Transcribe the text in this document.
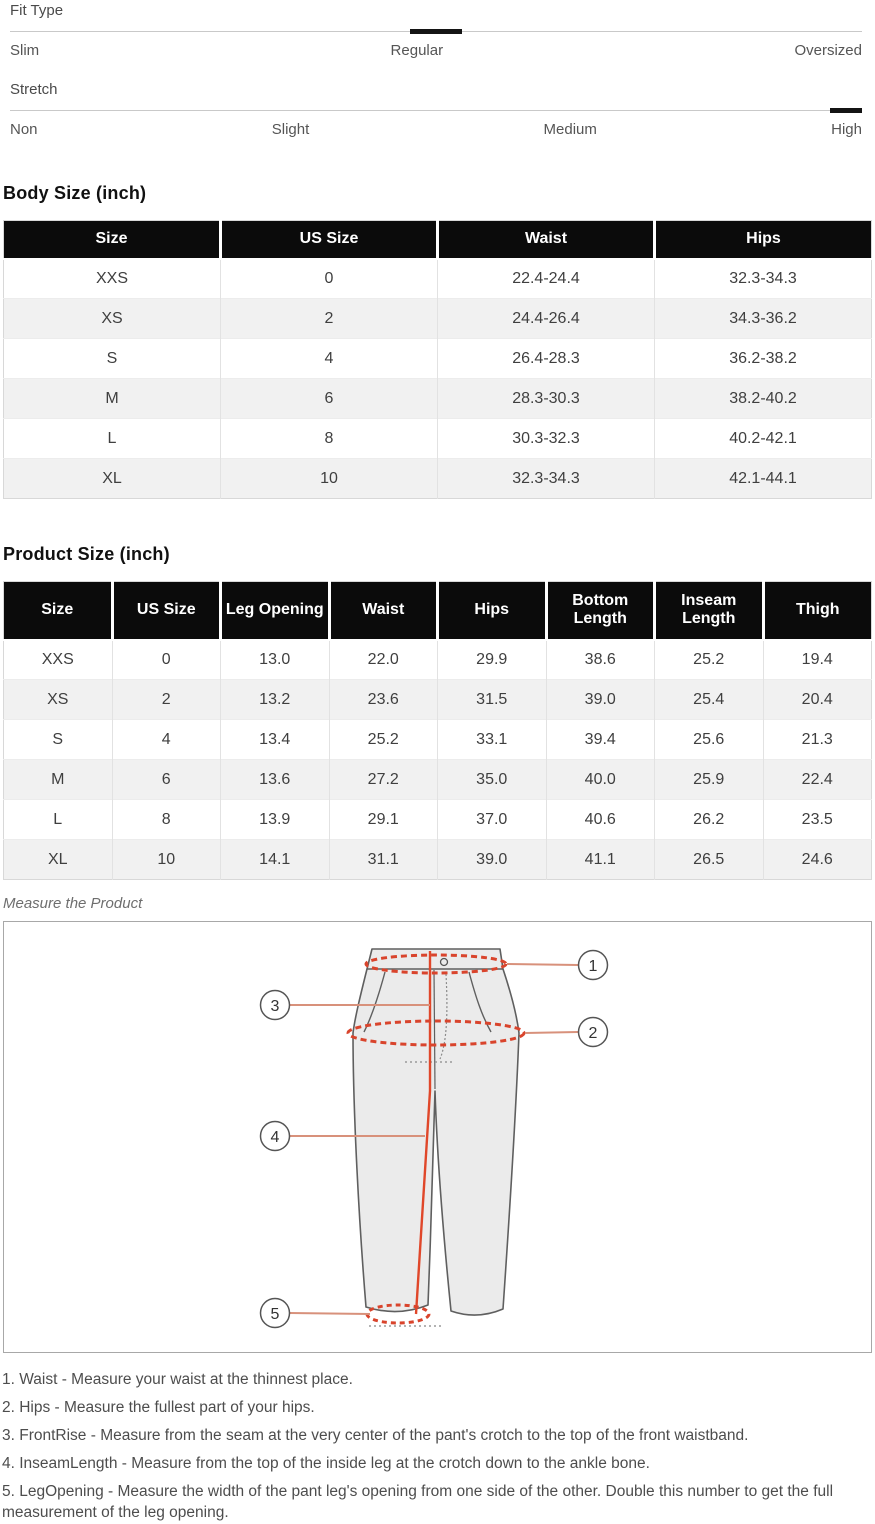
Fit Type
Slim	Regular	Oversized
Stretch
Non	Slight	Medium	High
Body Size (inch)
Size	US Size	Waist	Hips
XXS	0	22.4-24.4	32.3-34.3
XS	2	24.4-26.4	34.3-36.2
S	4	26.4-28.3	36.2-38.2
M	6	28.3-30.3	38.2-40.2
L	8	30.3-32.3	40.2-42.1
XL	10	32.3-34.3	42.1-44.1
Product Size (inch)
Size	US Size	Leg Opening	Waist	Hips	Bottom Length	Inseam Length	Thigh
XXS	0	13.0	22.0	29.9	38.6	25.2	19.4
XS	2	13.2	23.6	31.5	39.0	25.4	20.4
S	4	13.4	25.2	33.1	39.4	25.6	21.3
M	6	13.6	27.2	35.0	40.0	25.9	22.4
L	8	13.9	29.1	37.0	40.6	26.2	23.5
XL	10	14.1	31.1	39.0	41.1	26.5	24.6
Measure the Product
1
2
3
4
5
1. Waist - Measure your waist at the thinnest place.
2. Hips - Measure the fullest part of your hips.
3. FrontRise - Measure from the seam at the very center of the pant's crotch to the top of the front waistband.
4. InseamLength - Measure from the top of the inside leg at the crotch down to the ankle bone.
5. LegOpening - Measure the width of the pant leg's opening from one side of the other. Double this number to get the full measurement of the leg opening.
